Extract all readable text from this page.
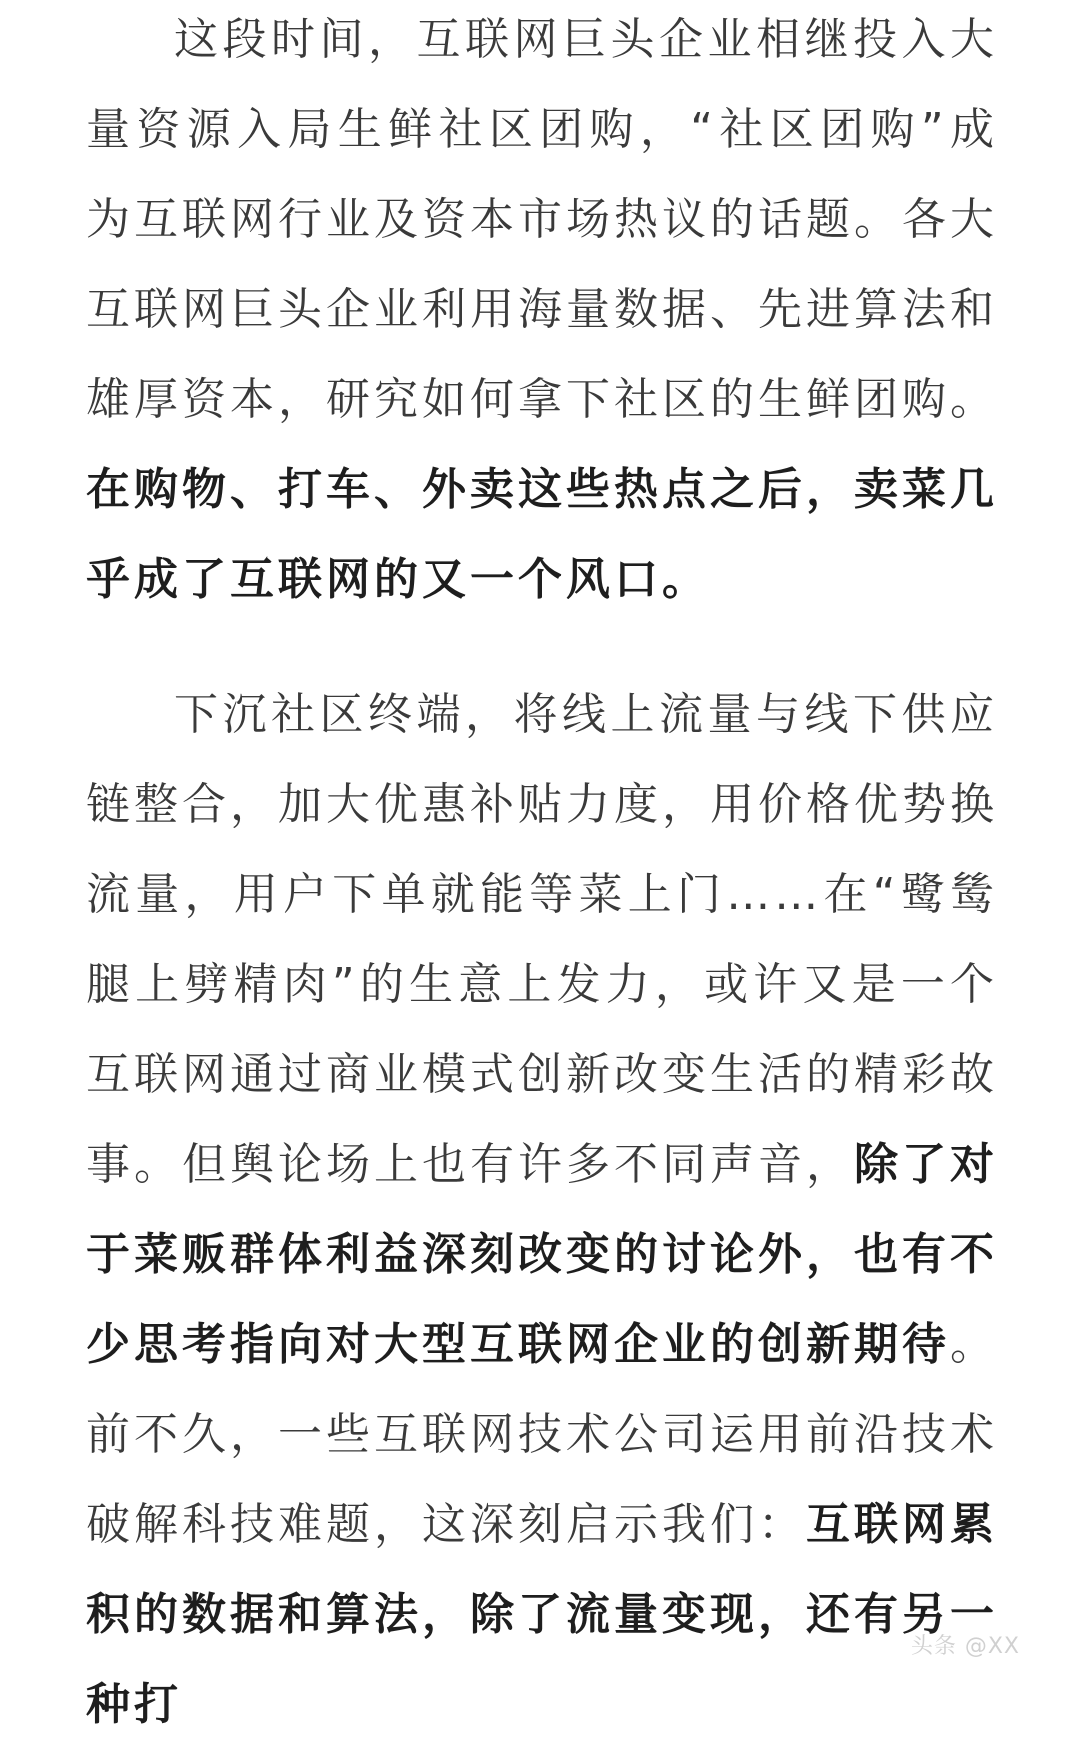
这段时间，互联网巨头企业相继投入大量资源入局生鲜社区团购，“社区团购”成为互联网行业及资本市场热议的话题。各大互联网巨头企业利用海量数据、先进算法和雄厚资本，研究如何拿下社区的生鲜团购。在购物、打车、外卖这些热点之后，卖菜几乎成了互联网的又一个风口。

下沉社区终端，将线上流量与线下供应链整合，加大优惠补贴力度，用价格优势换流量，用户下单就能等菜上门……在“鹭鸶腿上劈精肉”的生意上发力，或许又是一个互联网通过商业模式创新改变生活的精彩故事。但舆论场上也有许多不同声音，除了对于菜贩群体利益深刻改变的讨论外，也有不少思考指向对大型互联网企业的创新期待。前不久，一些互联网技术公司运用前沿技术破解科技难题，这深刻启示我们：互联网累积的数据和算法，除了流量变现，还有另一种打

头条 @XX
